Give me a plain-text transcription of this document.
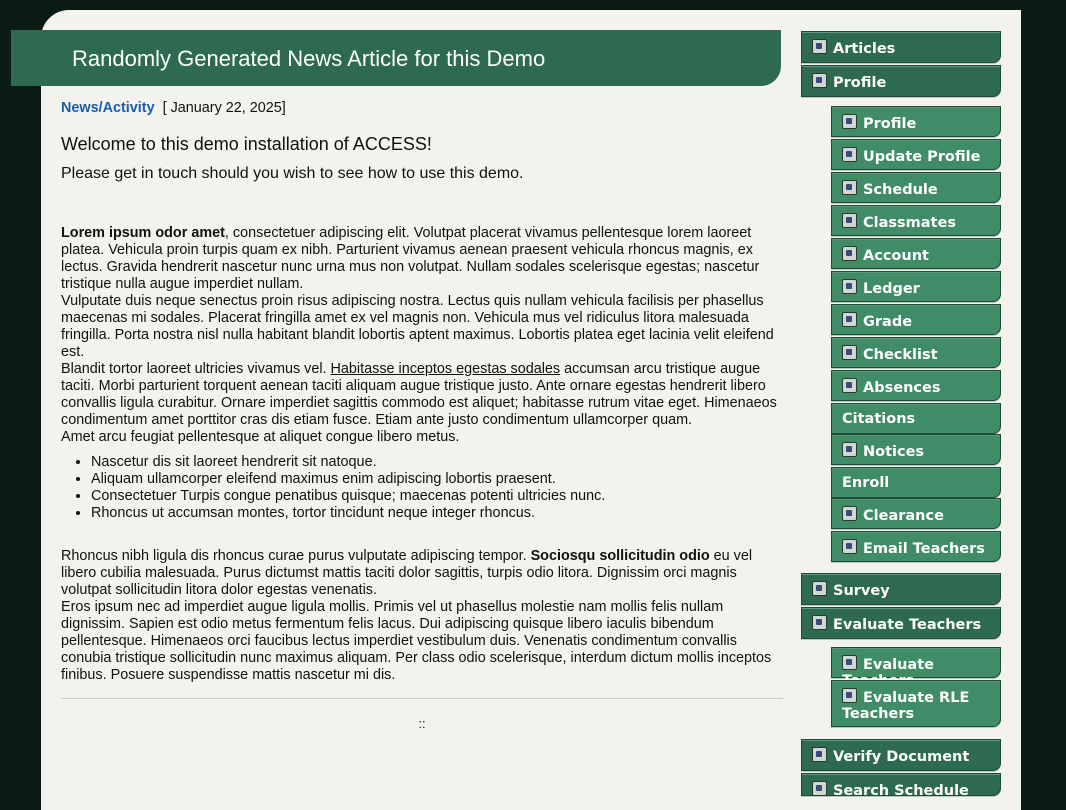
Randomly Generated News Article for this Demo

News/Activity [ January 22, 2025]

Welcome to this demo installation of ACCESS!

Please get in touch should you wish to see how to use this demo.

Lorem ipsum odor amet, consectetuer adipiscing elit. Volutpat placerat vivamus pellentesque lorem laoreet platea. Vehicula proin turpis quam ex nibh. Parturient vivamus aenean praesent vehicula rhoncus magnis, ex lectus. Gravida hendrerit nascetur nunc urna mus non volutpat. Nullam sodales scelerisque egestas; nascetur tristique nulla augue imperdiet nullam.

Vulputate duis neque senectus proin risus adipiscing nostra. Lectus quis nullam vehicula facilisis per phasellus maecenas mi sodales. Placerat fringilla amet ex vel magnis non. Vehicula mus vel ridiculus litora malesuada fringilla. Porta nostra nisl nulla habitant blandit lobortis aptent maximus. Lobortis platea eget lacinia velit eleifend est.

Blandit tortor laoreet ultricies vivamus vel. Habitasse inceptos egestas sodales accumsan arcu tristique augue taciti. Morbi parturient torquent aenean taciti aliquam augue tristique justo. Ante ornare egestas hendrerit libero convallis ligula curabitur. Ornare imperdiet sagittis commodo est aliquet; habitasse rutrum vitae eget. Himenaeos condimentum amet porttitor cras dis etiam fusce. Etiam ante justo condimentum ullamcorper quam.

Amet arcu feugiat pellentesque at aliquet congue libero metus.

• Nascetur dis sit laoreet hendrerit sit natoque.
• Aliquam ullamcorper eleifend maximus enim adipiscing lobortis praesent.
• Consectetuer Turpis congue penatibus quisque; maecenas potenti ultricies nunc.
• Rhoncus ut accumsan montes, tortor tincidunt neque integer rhoncus.

Rhoncus nibh ligula dis rhoncus curae purus vulputate adipiscing tempor. Sociosqu sollicitudin odio eu vel libero cubilia malesuada. Purus dictumst mattis taciti dolor sagittis, turpis odio litora. Dignissim orci magnis volutpat sollicitudin litora dolor egestas venenatis.

Eros ipsum nec ad imperdiet augue ligula mollis. Primis vel ut phasellus molestie nam mollis felis nullam dignissim. Sapien est odio metus fermentum felis lacus. Dui adipiscing quisque libero iaculis bibendum pellentesque. Himenaeos orci faucibus lectus imperdiet vestibulum duis. Venenatis condimentum convallis conubia tristique sollicitudin nunc maximus aliquam. Per class odio scelerisque, interdum dictum mollis inceptos finibus. Posuere suspendisse mattis nascetur mi dis.

::
Articles
Profile
Profile
Update Profile
Schedule
Classmates
Account
Ledger
Grade
Checklist
Absences
Citations
Notices
Enroll
Clearance
Email Teachers
Survey
Evaluate Teachers
Evaluate
Evaluate RLE Teachers
Verify Document
Search Schedule
